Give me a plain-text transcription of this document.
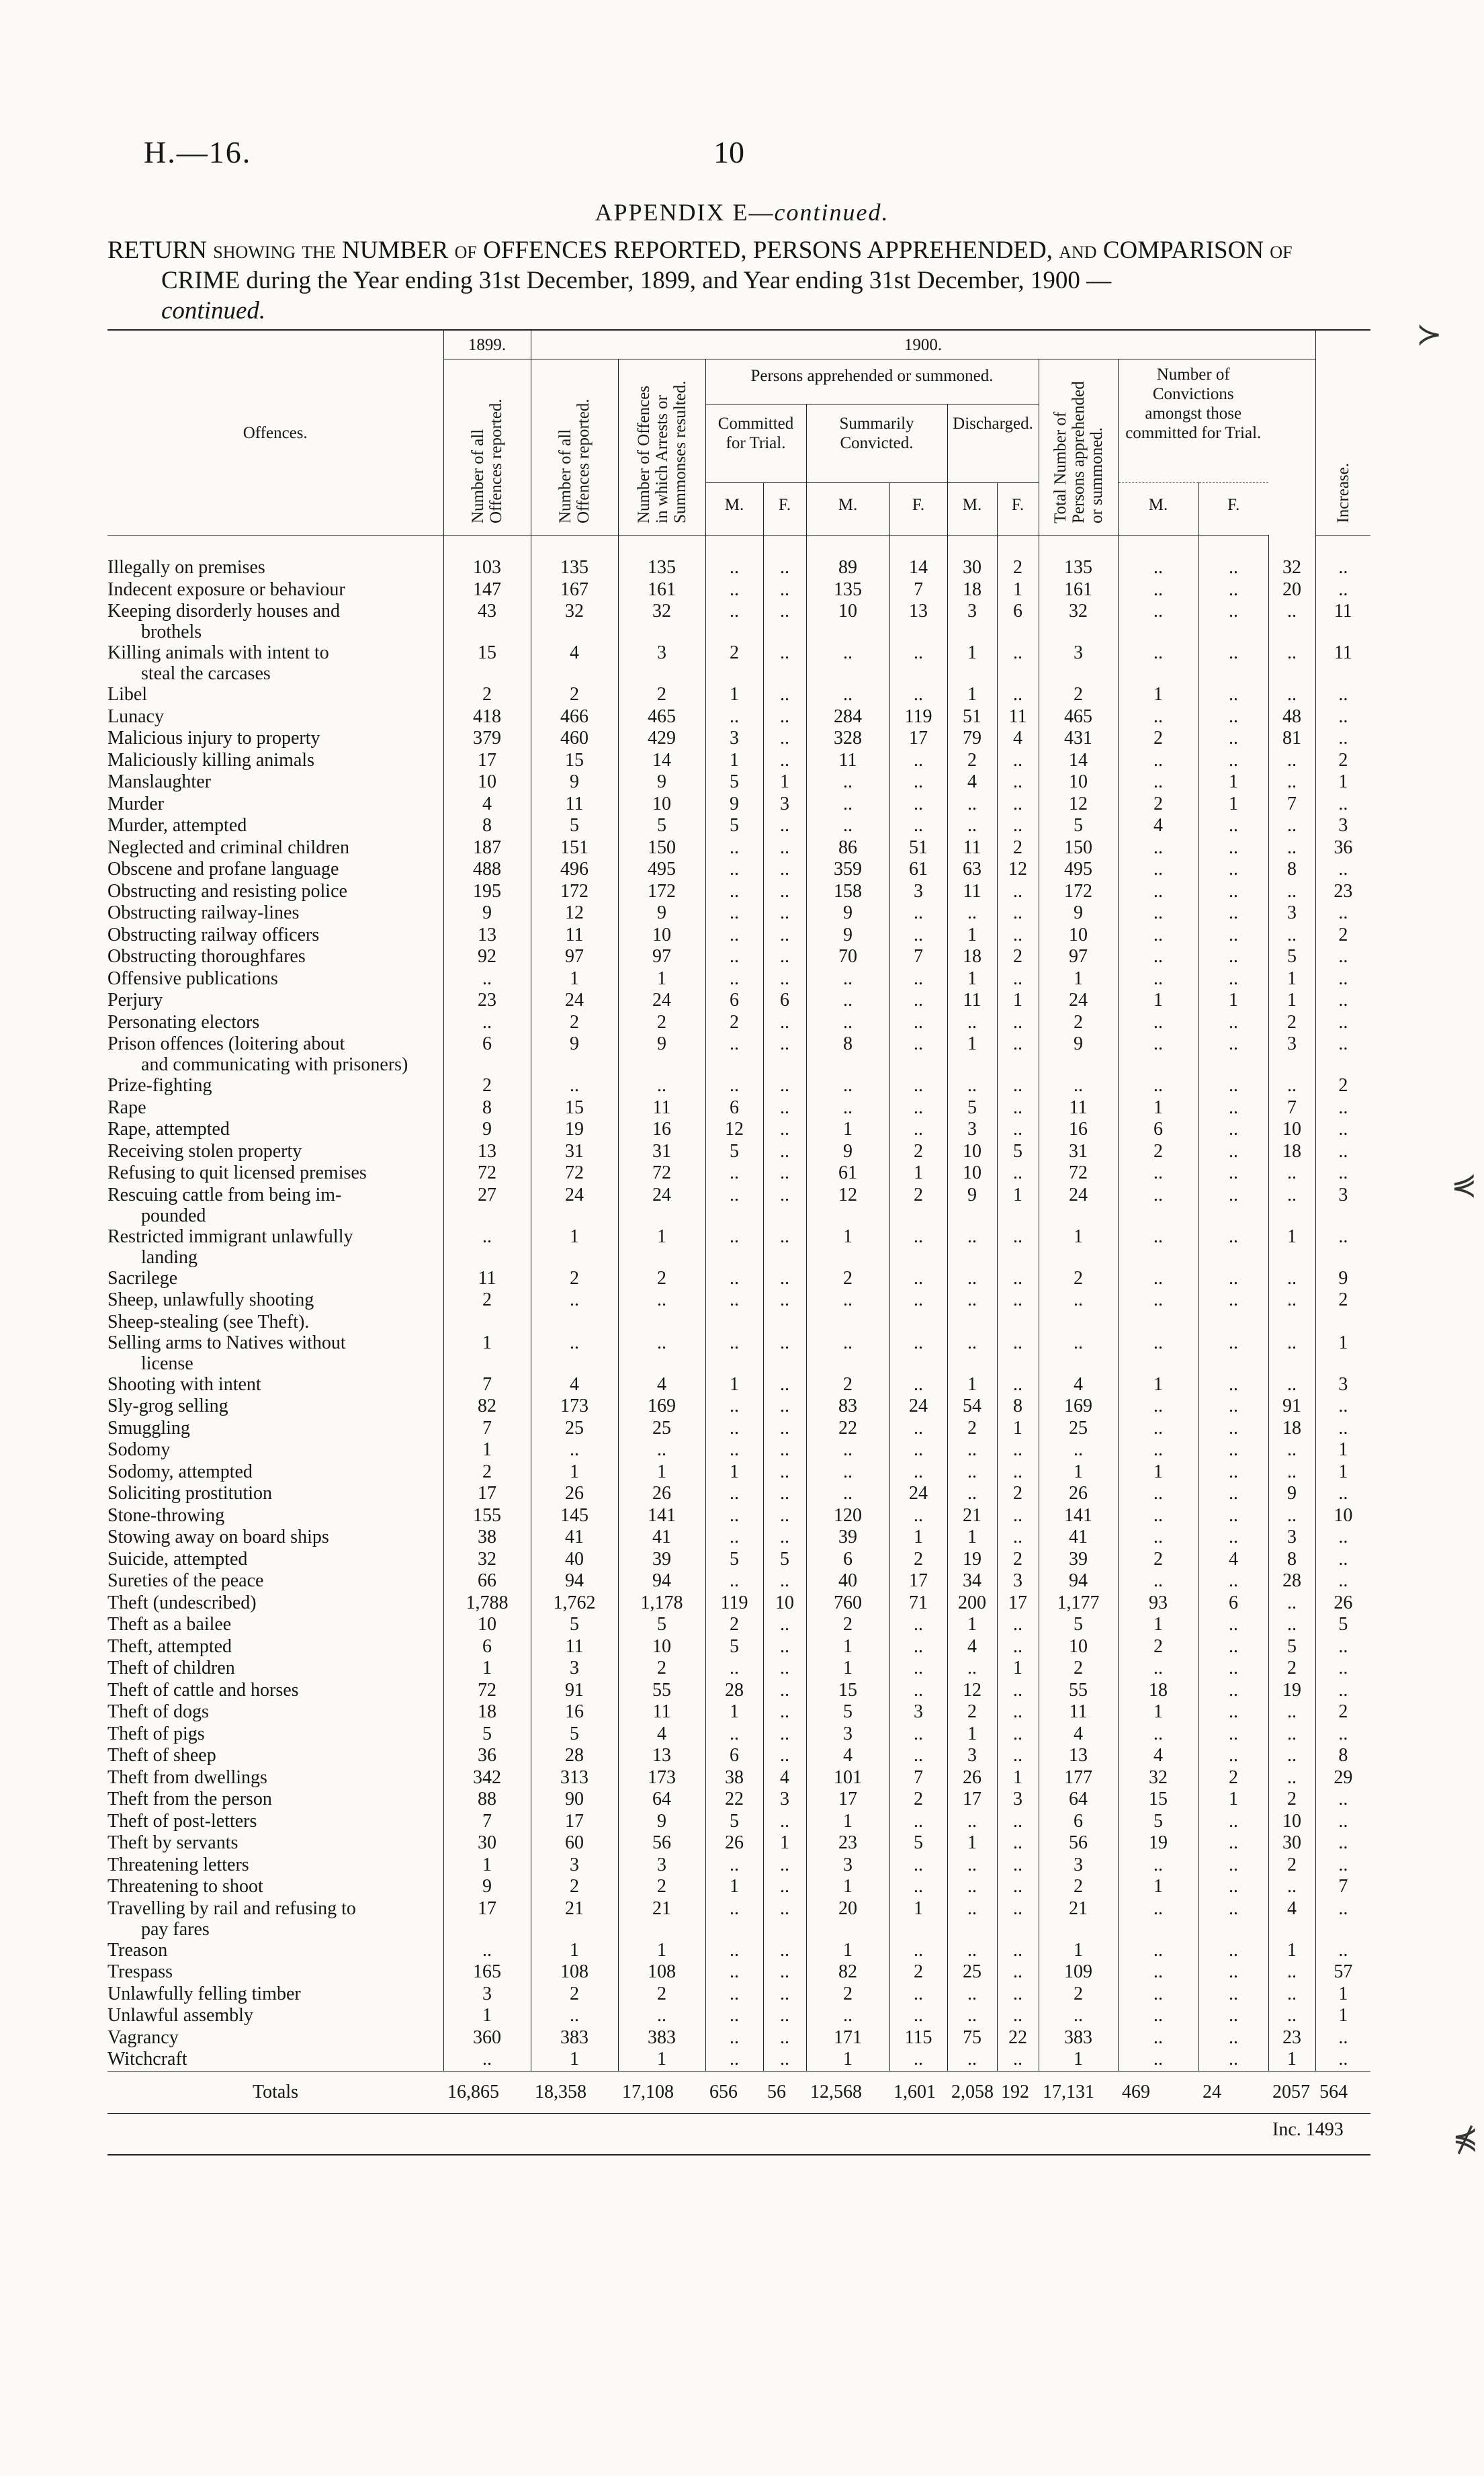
H.—16.	10
APPENDIX E—continued.
RETURN showing the NUMBER of OFFENCES REPORTED, PERSONS APPREHENDED, and COMPARISON of
CRIME during the Year ending 31st December, 1899, and Year ending 31st December, 1900 —
continued.
≻
⋞
⋠
Offences.	1899.	1900.												Increase.
	Number of all Offences reported.	Number of all Offences reported.	Number of Offences in which Arrests or Summonses resulted.	Persons apprehended or summoned.						Total Number of Persons apprehended or summoned.	Number of Convictions amongst those committed for Trial.			
				Committed for Trial.		Summarily Convicted.		Discharged.						
				M.	F.	M.	F.	M.	F.		M.	F.		

Illegally on premises	103	135	135	..	..	89	14	30	2	135	..	..	32	..

Indecent exposure or behaviour	147	167	161	..	..	135	7	18	1	161	..	..	20	..

Keeping disorderly houses and
brothels	43	32	32	..	..	10	13	3	6	32	..	..	..	11

Killing animals with intent to
steal the carcases	15	4	3	2	..	..	..	1	..	3	..	..	..	11

Libel	2	2	2	1	..	..	..	1	..	2	1	..	..	..

Lunacy	418	466	465	..	..	284	119	51	11	465	..	..	48	..

Malicious injury to property	379	460	429	3	..	328	17	79	4	431	2	..	81	..

Maliciously killing animals	17	15	14	1	..	11	..	2	..	14	..	..	..	2

Manslaughter	10	9	9	5	1	..	..	4	..	10	..	1	..	1

Murder	4	11	10	9	3	..	..	..	..	12	2	1	7	..

Murder, attempted	8	5	5	5	..	..	..	..	..	5	4	..	..	3

Neglected and criminal children	187	151	150	..	..	86	51	11	2	150	..	..	..	36

Obscene and profane language	488	496	495	..	..	359	61	63	12	495	..	..	8	..

Obstructing and resisting police	195	172	172	..	..	158	3	11	..	172	..	..	..	23

Obstructing railway-lines	9	12	9	..	..	9	..	..	..	9	..	..	3	..

Obstructing railway officers	13	11	10	..	..	9	..	1	..	10	..	..	..	2

Obstructing thoroughfares	92	97	97	..	..	70	7	18	2	97	..	..	5	..

Offensive publications	..	1	1	..	..	..	..	1	..	1	..	..	1	..

Perjury	23	24	24	6	6	..	..	11	1	24	1	1	1	..

Personating electors	..	2	2	2	..	..	..	..	..	2	..	..	2	..

Prison offences (loitering about
and communicating with prisoners)	6	9	9	..	..	8	..	1	..	9	..	..	3	..

Prize-fighting	2	..	..	..	..	..	..	..	..	..	..	..	..	2

Rape	8	15	11	6	..	..	..	5	..	11	1	..	7	..

Rape, attempted	9	19	16	12	..	1	..	3	..	16	6	..	10	..

Receiving stolen property	13	31	31	5	..	9	2	10	5	31	2	..	18	..

Refusing to quit licensed premises	72	72	72	..	..	61	1	10	..	72	..	..	..	..

Rescuing cattle from being im-
pounded	27	24	24	..	..	12	2	9	1	24	..	..	..	3

Restricted immigrant unlawfully
landing	..	1	1	..	..	1	..	..	..	1	..	..	1	..

Sacrilege	11	2	2	..	..	2	..	..	..	2	..	..	..	9

Sheep, unlawfully shooting	2	..	..	..	..	..	..	..	..	..	..	..	..	2

Sheep-stealing (see Theft).														

Selling arms to Natives without
license	1	..	..	..	..	..	..	..	..	..	..	..	..	1

Shooting with intent	7	4	4	1	..	2	..	1	..	4	1	..	..	3

Sly-grog selling	82	173	169	..	..	83	24	54	8	169	..	..	91	..

Smuggling	7	25	25	..	..	22	..	2	1	25	..	..	18	..

Sodomy	1	..	..	..	..	..	..	..	..	..	..	..	..	1

Sodomy, attempted	2	1	1	1	..	..	..	..	..	1	1	..	..	1

Soliciting prostitution	17	26	26	..	..	..	24	..	2	26	..	..	9	..

Stone-throwing	155	145	141	..	..	120	..	21	..	141	..	..	..	10

Stowing away on board ships	38	41	41	..	..	39	1	1	..	41	..	..	3	..

Suicide, attempted	32	40	39	5	5	6	2	19	2	39	2	4	8	..

Sureties of the peace	66	94	94	..	..	40	17	34	3	94	..	..	28	..

Theft (undescribed)	1,788	1,762	1,178	119	10	760	71	200	17	1,177	93	6	..	26

Theft as a bailee	10	5	5	2	..	2	..	1	..	5	1	..	..	5

Theft, attempted	6	11	10	5	..	1	..	4	..	10	2	..	5	..

Theft of children	1	3	2	..	..	1	..	..	1	2	..	..	2	..

Theft of cattle and horses	72	91	55	28	..	15	..	12	..	55	18	..	19	..

Theft of dogs	18	16	11	1	..	5	3	2	..	11	1	..	..	2

Theft of pigs	5	5	4	..	..	3	..	1	..	4	..	..	..	..

Theft of sheep	36	28	13	6	..	4	..	3	..	13	4	..	..	8

Theft from dwellings	342	313	173	38	4	101	7	26	1	177	32	2	..	29

Theft from the person	88	90	64	22	3	17	2	17	3	64	15	1	2	..

Theft of post-letters	7	17	9	5	..	1	..	..	..	6	5	..	10	..

Theft by servants	30	60	56	26	1	23	5	1	..	56	19	..	30	..

Threatening letters	1	3	3	..	..	3	..	..	..	3	..	..	2	..

Threatening to shoot	9	2	2	1	..	1	..	..	..	2	1	..	..	7

Travelling by rail and refusing to
pay fares	17	21	21	..	..	20	1	..	..	21	..	..	4	..

Treason	..	1	1	..	..	1	..	..	..	1	..	..	1	..

Trespass	165	108	108	..	..	82	2	25	..	109	..	..	..	57

Unlawfully felling timber	3	2	2	..	..	2	..	..	..	2	..	..	..	1

Unlawful assembly	1	..	..	..	..	..	..	..	..	..	..	..	..	1

Vagrancy	360	383	383	..	..	171	115	75	22	383	..	..	23	..

Witchcraft	..	1	1	..	..	1	..	..	..	1	..	..	1	..
Totals	16,865	18,358	17,108	656	56	12,568	1,601	2,058	192	17,131	469	24	2057	564
													Inc. 1493	
